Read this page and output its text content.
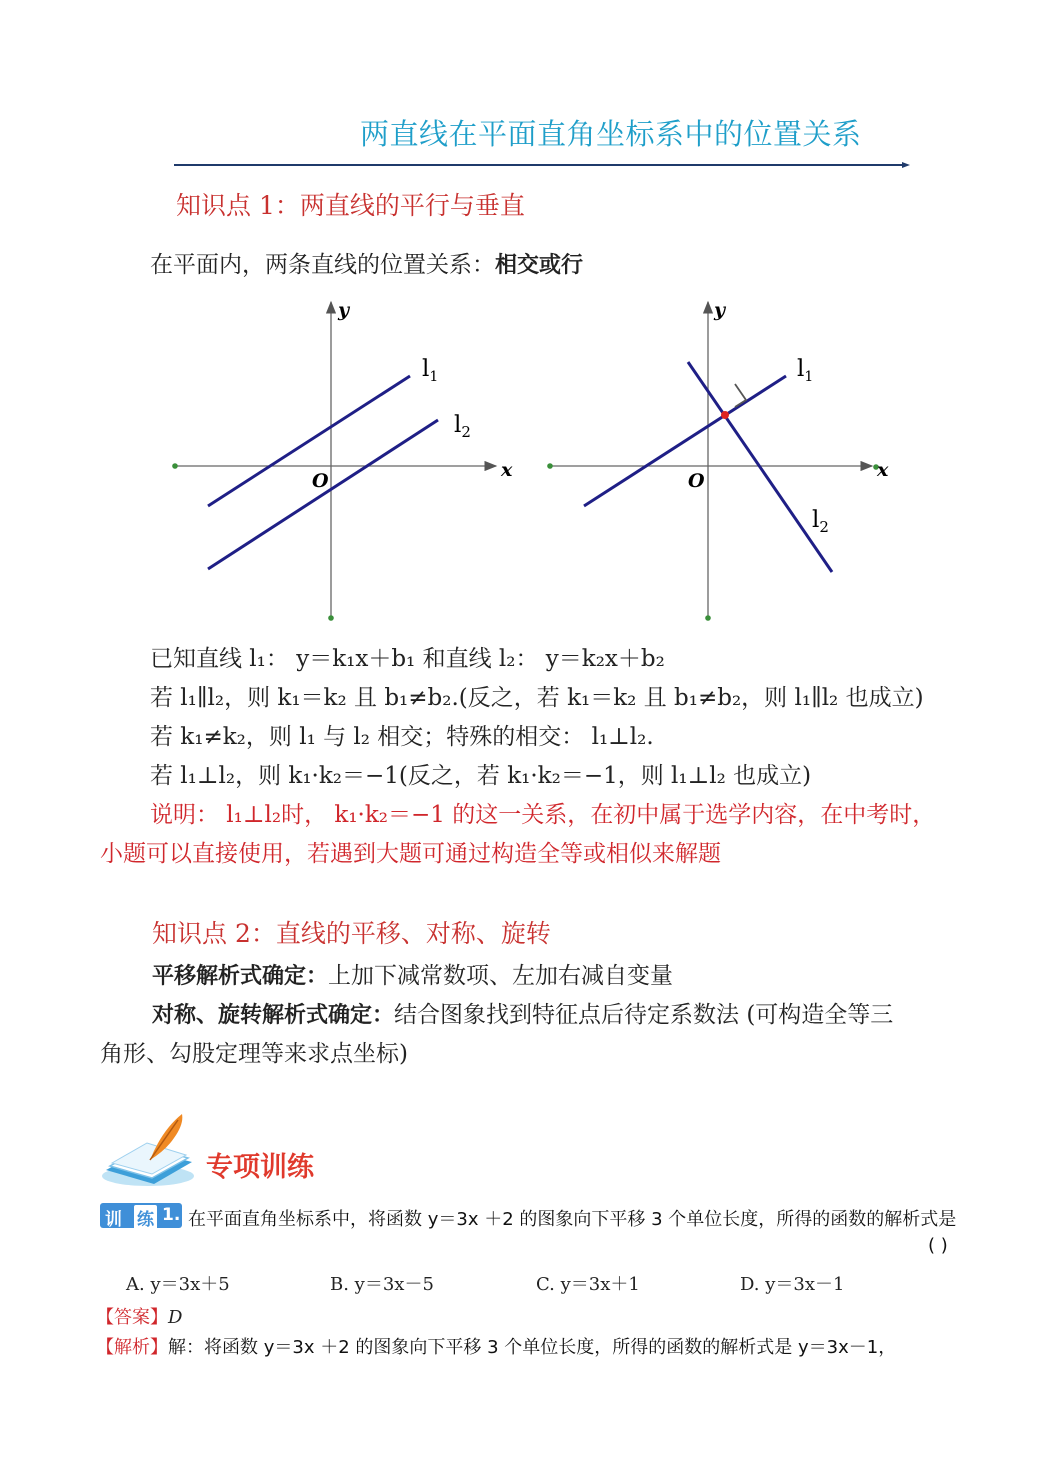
两直线在平面直角坐标系中的位置关系
知识点 1：两直线的平行与垂直
在平面内，两条直线的位置关系：相交或行
y
x
O
$l_1$
$l_2$
y
x
O
$l_1$
$l_2$
已知直线 l₁： y＝k₁x＋b₁ 和直线 l₂： y＝k₂x＋b₂
若 l₁∥l₂，则 k₁＝k₂ 且 b₁≠b₂.(反之，若 k₁＝k₂ 且 b₁≠b₂，则 l₁∥l₂ 也成立)
若 k₁≠k₂，则 l₁ 与 l₂ 相交；特殊的相交： l₁⊥l₂.
若 l₁⊥l₂，则 k₁·k₂＝−1(反之，若 k₁·k₂＝−1，则 l₁⊥l₂ 也成立)
说明： l₁⊥l₂时， k₁·k₂＝−1 的这一关系，在初中属于选学内容，在中考时，
小题可以直接使用，若遇到大题可通过构造全等或相似来解题
知识点 2：直线的平移、对称、旋转
平移解析式确定：上加下减常数项、左加右减自变量
对称、旋转解析式确定：结合图象找到特征点后待定系数法 (可构造全等三
角形、勾股定理等来求点坐标)
专项训练
训 练 1. 在平面直角坐标系中，将函数 y＝3x ＋2 的图象向下平移 3 个单位长度，所得的函数的解析式是
( )
A. y＝3x＋5	B. y＝3x－5	C. y＝3x＋1	D. y＝3x－1
【答案】D
【解析】解：将函数 y＝3x ＋2 的图象向下平移 3 个单位长度，所得的函数的解析式是 y＝3x－1，
